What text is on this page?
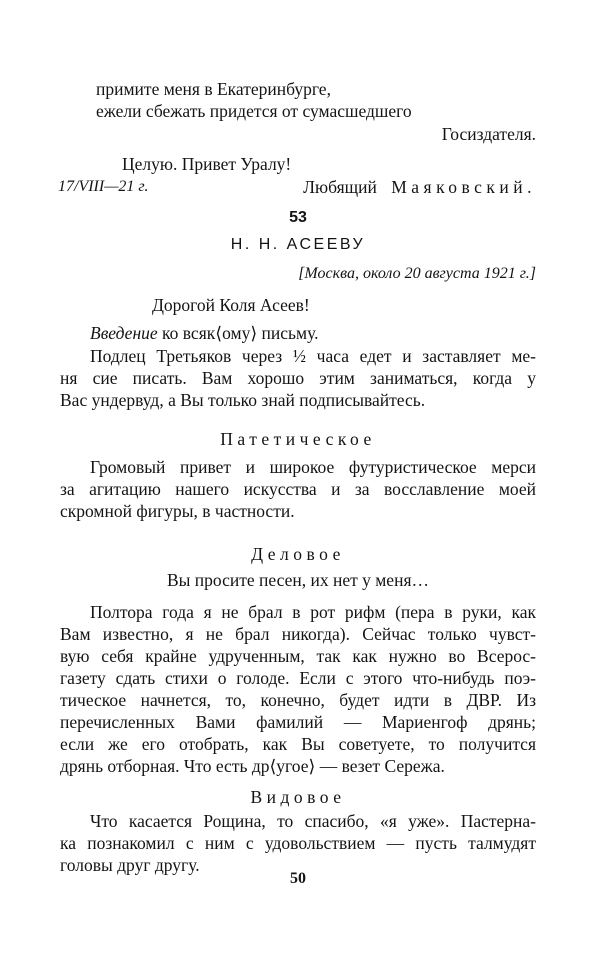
примите меня в Екатеринбурге,
ежели сбежать придется от сумасшедшего
Госиздателя.
Целую. Привет Уралу!
Любящий Маяковский.
17/VIII—21 г.
53
Н. Н. АСЕЕВУ
[Москва, около 20 августа 1921 г.]
Дорогой Коля Асеев!
Введение ко всяк⟨ому⟩ письму.
Подлец Третьяков через ½ часа едет и заставляет ме-
ня сие писать. Вам хорошо этим заниматься, когда у
Вас ундервуд, а Вы только знай подписывайтесь.
Патетическое
Громовый привет и широкое футуристическое мерси
за агитацию нашего искусства и за восславление моей
скромной фигуры, в частности.
Деловое
Вы просите песен, их нет у меня…
Полтора года я не брал в рот рифм (пера в руки, как
Вам известно, я не брал никогда). Сейчас только чувст-
вую себя крайне удрученным, так как нужно во Всерос-
газету сдать стихи о голоде. Если с этого что-нибудь поэ-
тическое начнется, то, конечно, будет идти в ДВР. Из
перечисленных Вами фамилий — Мариенгоф дрянь;
если же его отобрать, как Вы советуете, то получится
дрянь отборная. Что есть др⟨угое⟩ — везет Сережа.
Видовое
Что касается Рощина, то спасибо, «я уже». Пастерна-
ка познакомил с ним с удовольствием — пусть талмудят
головы друг другу.
50
